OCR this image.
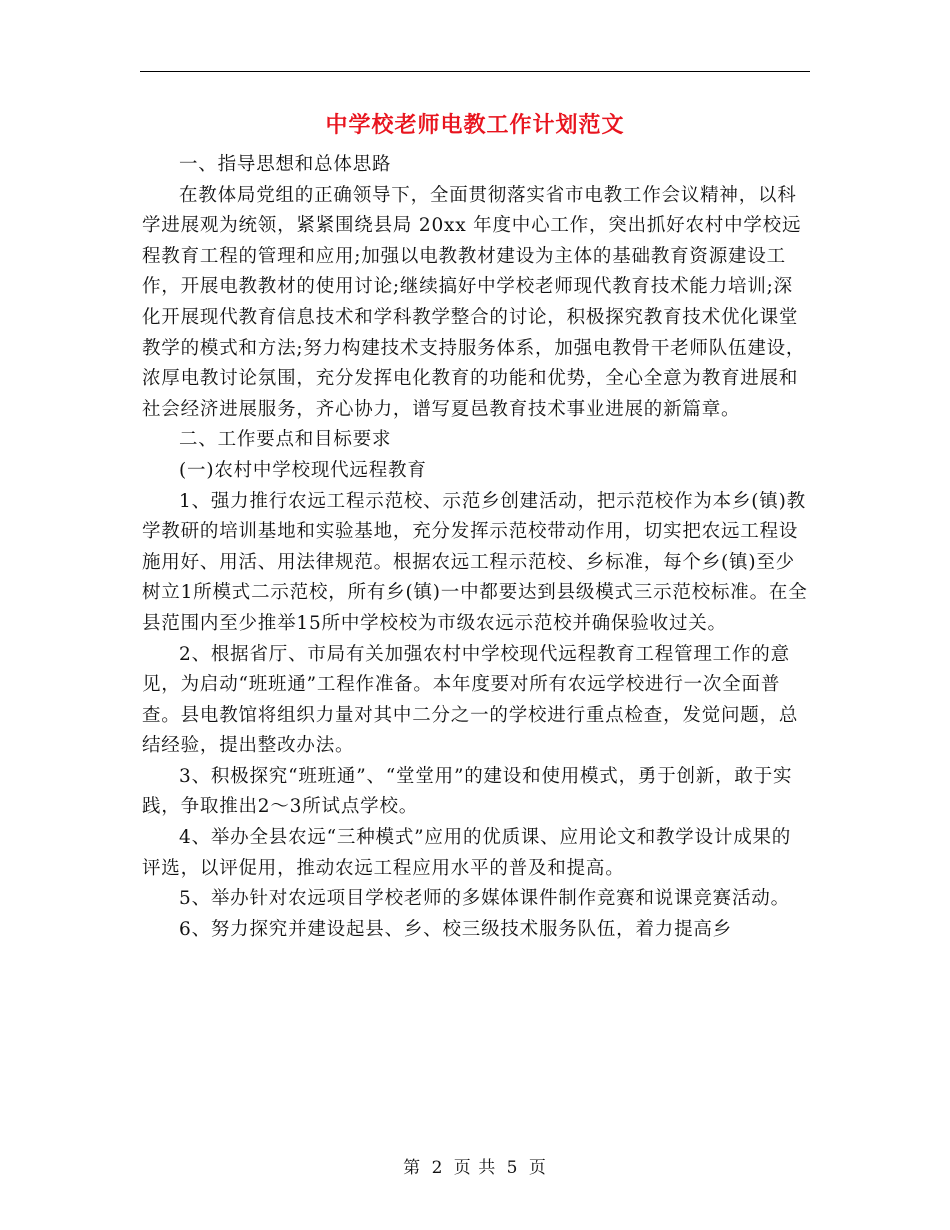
中学校老师电教工作计划范文

一、指导思想和总体思路

在教体局党组的正确领导下，全面贯彻落实省市电教工作会议精神，以科学进展观为统领，紧紧围绕县局 20xx 年度中心工作，突出抓好农村中学校远程教育工程的管理和应用;加强以电教教材建设为主体的基础教育资源建设工作，开展电教教材的使用讨论;继续搞好中学校老师现代教育技术能力培训;深化开展现代教育信息技术和学科教学整合的讨论，积极探究教育技术优化课堂教学的模式和方法;努力构建技术支持服务体系，加强电教骨干老师队伍建设，浓厚电教讨论氛围，充分发挥电化教育的功能和优势，全心全意为教育进展和社会经济进展服务，齐心协力，谱写夏邑教育技术事业进展的新篇章。

二、工作要点和目标要求

(一)农村中学校现代远程教育

1、强力推行农远工程示范校、示范乡创建活动，把示范校作为本乡(镇)教学教研的培训基地和实验基地，充分发挥示范校带动作用，切实把农远工程设施用好、用活、用法律规范。根据农远工程示范校、乡标准，每个乡(镇)至少树立1所模式二示范校，所有乡(镇)一中都要达到县级模式三示范校标准。在全县范围内至少推举15所中学校校为市级农远示范校并确保验收过关。

2、根据省厅、市局有关加强农村中学校现代远程教育工程管理工作的意见，为启动“班班通”工程作准备。本年度要对所有农远学校进行一次全面普查。县电教馆将组织力量对其中二分之一的学校进行重点检查，发觉问题，总结经验，提出整改办法。

3、积极探究“班班通”、“堂堂用”的建设和使用模式，勇于创新，敢于实践，争取推出2～3所试点学校。

4、举办全县农远“三种模式”应用的优质课、应用论文和教学设计成果的评选，以评促用，推动农远工程应用水平的普及和提高。

5、举办针对农远项目学校老师的多媒体课件制作竞赛和说课竞赛活动。

6、努力探究并建设起县、乡、校三级技术服务队伍，着力提高乡

第 2 页 共 5 页
